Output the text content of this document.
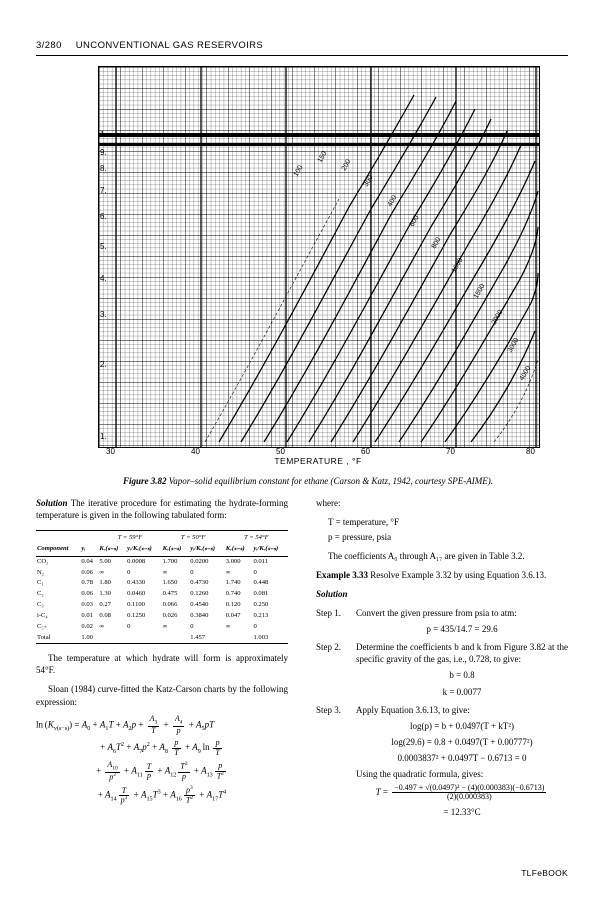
3/280 UNCONVENTIONAL GAS RESERVOIRS
100
150
200
300
400
600
800
1000
1500
2000
3000
4000
1.
9.
8.
7.
6.
5.
4.
3.
2.
1.
30	40	50	60	70	80
TEMPERATURE , °F
Figure 3.82 Vapor–solid equilibrium constant for ethane (Carson & Katz, 1942, courtesy SPE-AIME).

Solution The iterative procedure for estimating the hydrate-forming temperature is given in the following tabulated form:

		T = 59°F		T = 50°F		T = 54°F	
Component	yᵢ	Kᵥ(ₛ₋ₛ)	yᵢ/Kᵥ(ₛ₋ₛ)	Kᵥ(ₛ₋ₛ)	yᵢ/Kᵥ(ₛ₋ₛ)	Kᵥ(ₛ₋ₛ)	yᵢ/Kᵥ(ₛ₋ₛ)
CO₂	0.04	5.00	0.0008	1.700	0.0200	3.000	0.011
N₂	0.06	∞	0	∞	0	∞	0
C₁	0.78	1.80	0.4330	1.650	0.4730	1.740	0.448
C₂	0.06	1.30	0.0460	0.475	0.1260	0.740	0.081
C₃	0.03	0.27	0.1100	0.066	0.4540	0.120	0.250
i-C₄	0.01	0.08	0.1250	0.026	0.3840	0.047	0.213
C₅₊	0.02	∞	0	∞	0	∞	0
Total	1.00				1.457		1.003

The temperature at which hydrate will form is approximately 54°F.

Sloan (1984) curve-fitted the Katz-Carson charts by the following expression:

$\ln (K_{v(s-s)}) = A_0 + A_1T + A_2p + \frac{A_3}{T} + \frac{A_4}{p} + A_5pT$
+ $A_6T^2 + A_7p^2 + A_8 \frac{p}{T} + A_9$ $\ln \frac{p}{T}$
+ $\frac{A_{10}}{p^2} + A_{11} \frac{T}{p} + A_{12} \frac{T^2}{p} + A_{13} \frac{p}{T^2}$
+ $A_{14} \frac{T}{p^3} + A_{15}T^3 + A_{16} \frac{p^3}{T^2} + A_{17}T^4$

where:

T = temperature, °F

p = pressure, psia

The coefficients A₀ through A₁₇ are given in Table 3.2.

Example 3.33 Resolve Example 3.32 by using Equation 3.6.13.

Solution

Step 1. Convert the given pressure from psia to atm:
p = 435/14.7 = 29.6
Step 2. Determine the coefficients b and k from Figure 3.82 at the specific gravity of the gas, i.e., 0.728, to give:
b = 0.8
k = 0.0077
Step 3. Apply Equation 3.6.13, to give:
log(p) = b + 0.0497(T + kT²)
log(29.6) = 0.8 + 0.0497(T + 0.00777²)
0.0003837² + 0.0497T − 0.6713 = 0
Using the quadratic formula, gives:
$T = \frac{\text{−0.497 + √(0.0497)² − (4)(0.000383)(−0.6713)}}{(2)(0.000383)}$
= 12.33°C
TLFeBOOK
